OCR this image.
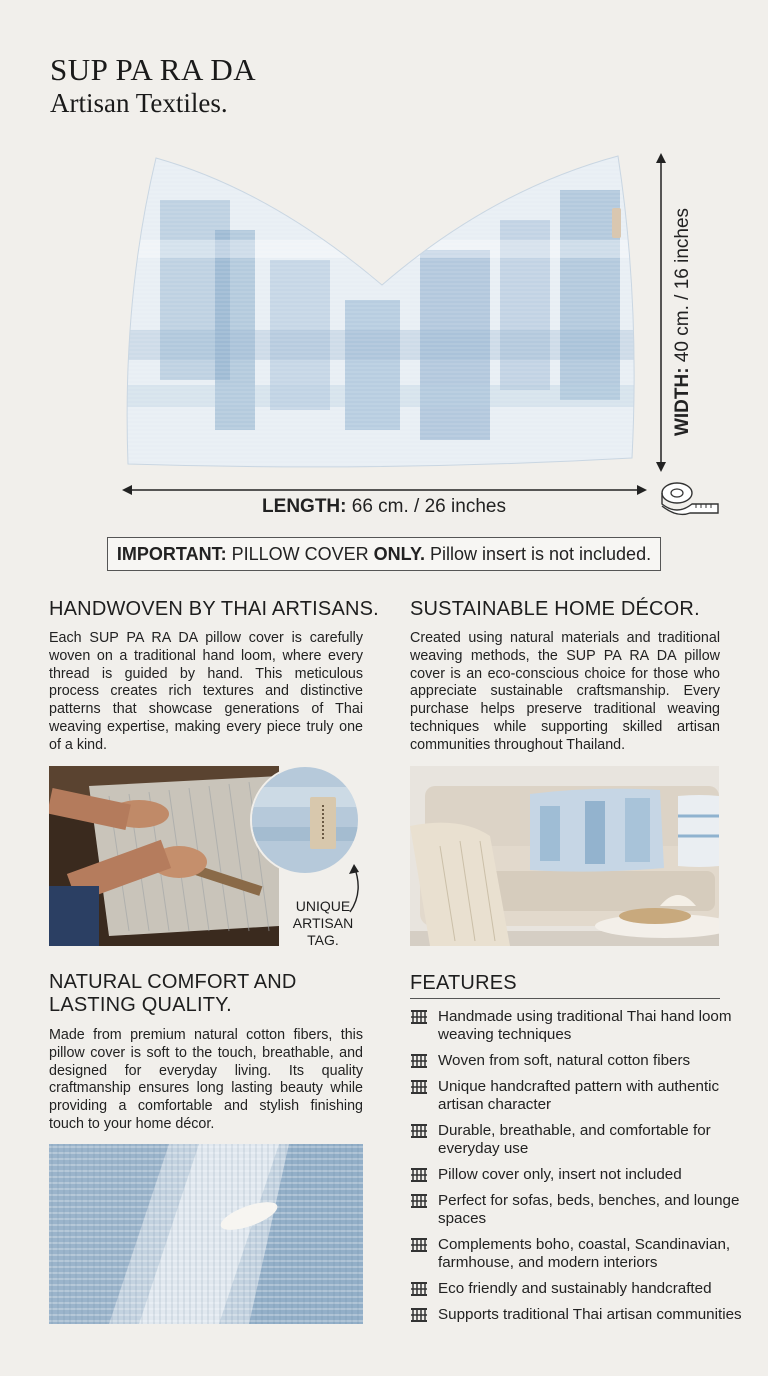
SUP PA RA DA
Artisan Textiles.
LENGTH: 66 cm. / 26 inches
WIDTH: 40 cm. / 16 inches
IMPORTANT: PILLOW COVER ONLY. Pillow insert is not included.
HANDWOVEN BY THAI ARTISANS.
Each SUP PA RA DA pillow cover is carefully woven on a traditional hand loom, where every thread is guided by hand. This meticulous process creates rich textures and distinctive patterns that showcase generations of Thai weaving expertise, making every piece truly one of a kind.
SUSTAINABLE HOME DÉCOR.
Created using natural materials and traditional weaving methods, the SUP PA RA DA pillow cover is an eco-conscious choice for those who appreciate sustainable craftsmanship. Every purchase helps preserve traditional weaving techniques while supporting skilled artisan communities throughout Thailand.
UNIQUE
ARTISAN
TAG.
NATURAL COMFORT AND
LASTING QUALITY.
Made from premium natural cotton fibers, this pillow cover is soft to the touch, breathable, and designed for everyday living. Its quality craftmanship ensures long lasting beauty while providing a comfortable and stylish finishing touch to your home décor.
FEATURES
Handmade using traditional Thai hand loom weaving techniques
Woven from soft, natural cotton fibers
Unique handcrafted pattern with authentic artisan character
Durable, breathable, and comfortable for everyday use
Pillow cover only, insert not included
Perfect for sofas, beds, benches, and lounge spaces
Complements boho, coastal, Scandinavian, farmhouse, and modern interiors
Eco friendly and sustainably handcrafted
Supports traditional Thai artisan communities
